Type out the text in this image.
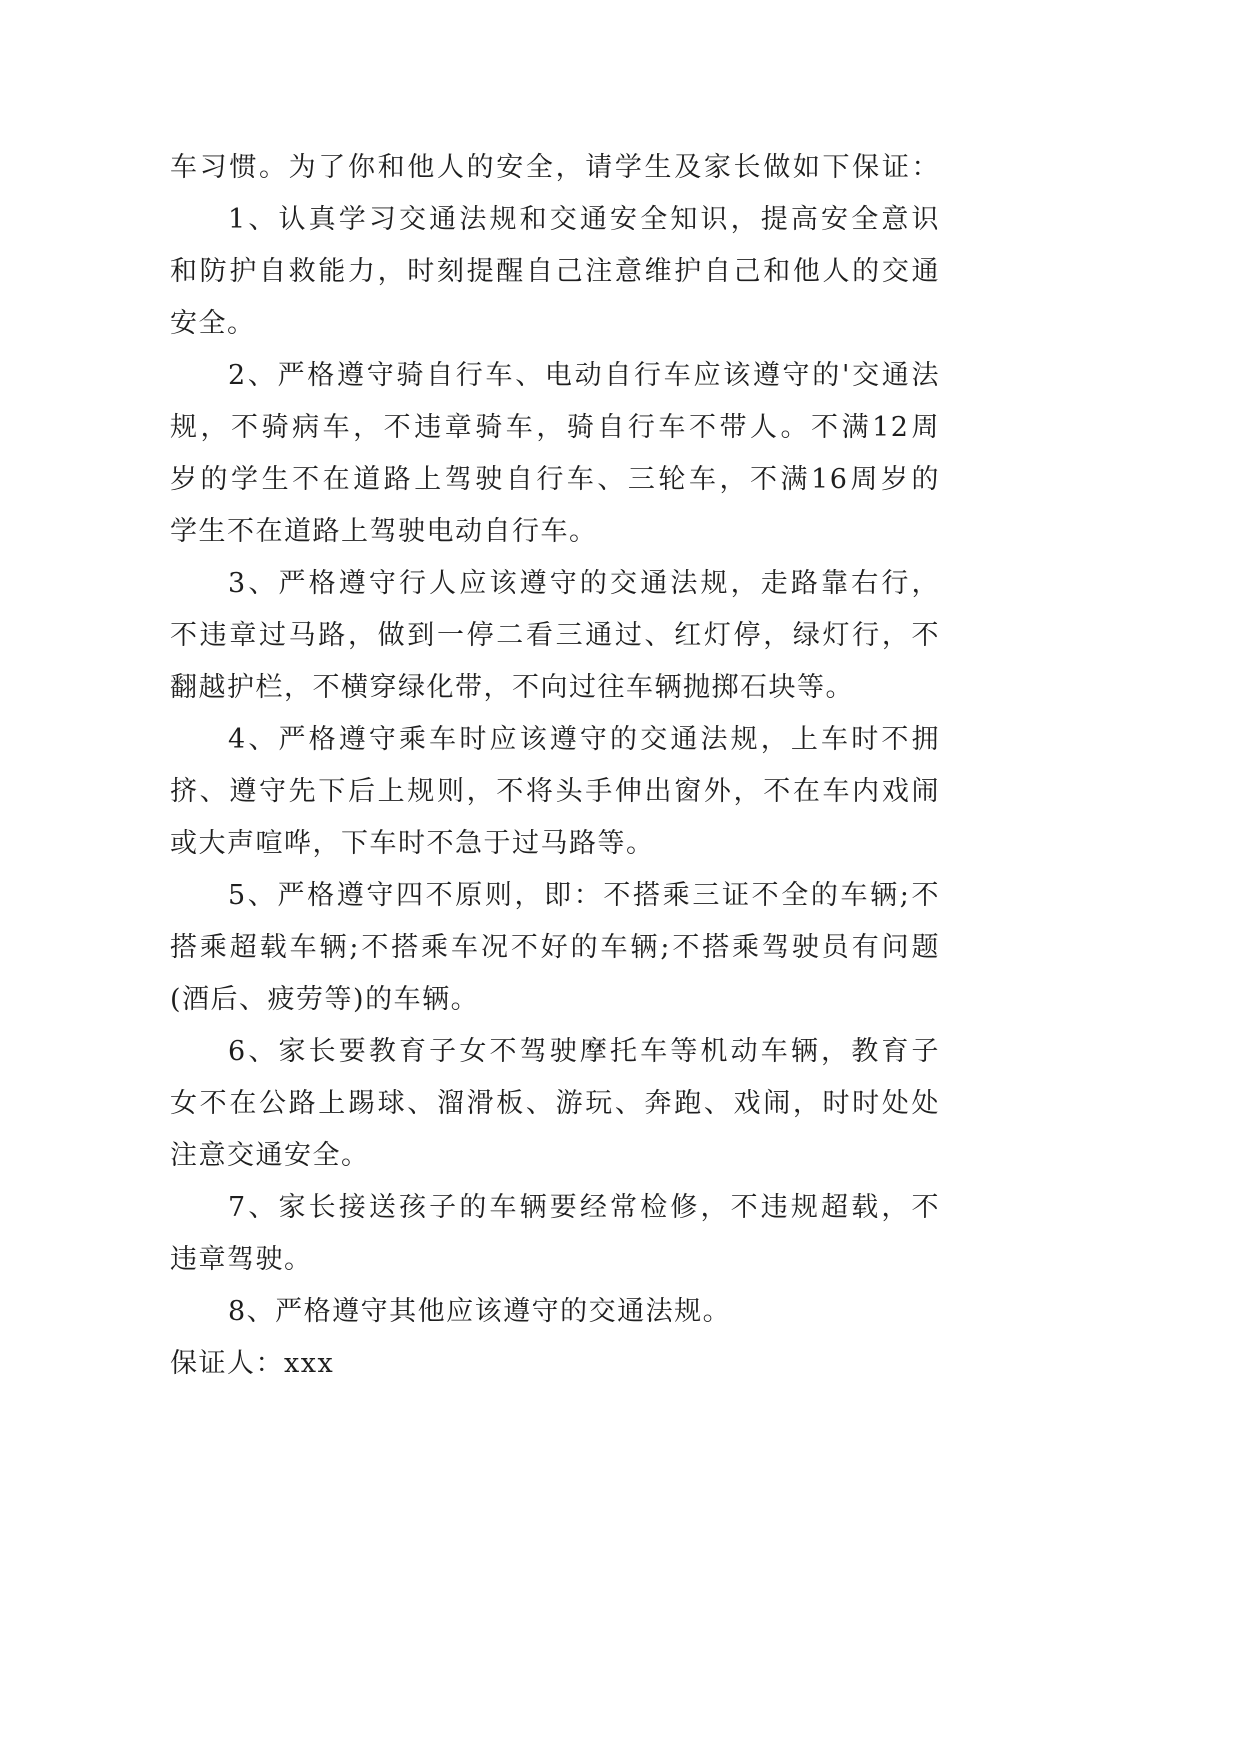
车习惯。为了你和他人的安全，请学生及家长做如下保证：
1、认真学习交通法规和交通安全知识，提高安全意识
和防护自救能力，时刻提醒自己注意维护自己和他人的交通
安全。
2、严格遵守骑自行车、电动自行车应该遵守的'交通法
规，不骑病车，不违章骑车，骑自行车不带人。不满12周
岁的学生不在道路上驾驶自行车、三轮车，不满16周岁的
学生不在道路上驾驶电动自行车。
3、严格遵守行人应该遵守的交通法规，走路靠右行，
不违章过马路，做到一停二看三通过、红灯停，绿灯行，不
翻越护栏，不横穿绿化带，不向过往车辆抛掷石块等。
4、严格遵守乘车时应该遵守的交通法规，上车时不拥
挤、遵守先下后上规则，不将头手伸出窗外，不在车内戏闹
或大声喧哗，下车时不急于过马路等。
5、严格遵守四不原则，即：不搭乘三证不全的车辆;不
搭乘超载车辆;不搭乘车况不好的车辆;不搭乘驾驶员有问题
(酒后、疲劳等)的车辆。
6、家长要教育子女不驾驶摩托车等机动车辆，教育子
女不在公路上踢球、溜滑板、游玩、奔跑、戏闹，时时处处
注意交通安全。
7、家长接送孩子的车辆要经常检修，不违规超载，不
违章驾驶。
8、严格遵守其他应该遵守的交通法规。
保证人：xxx
